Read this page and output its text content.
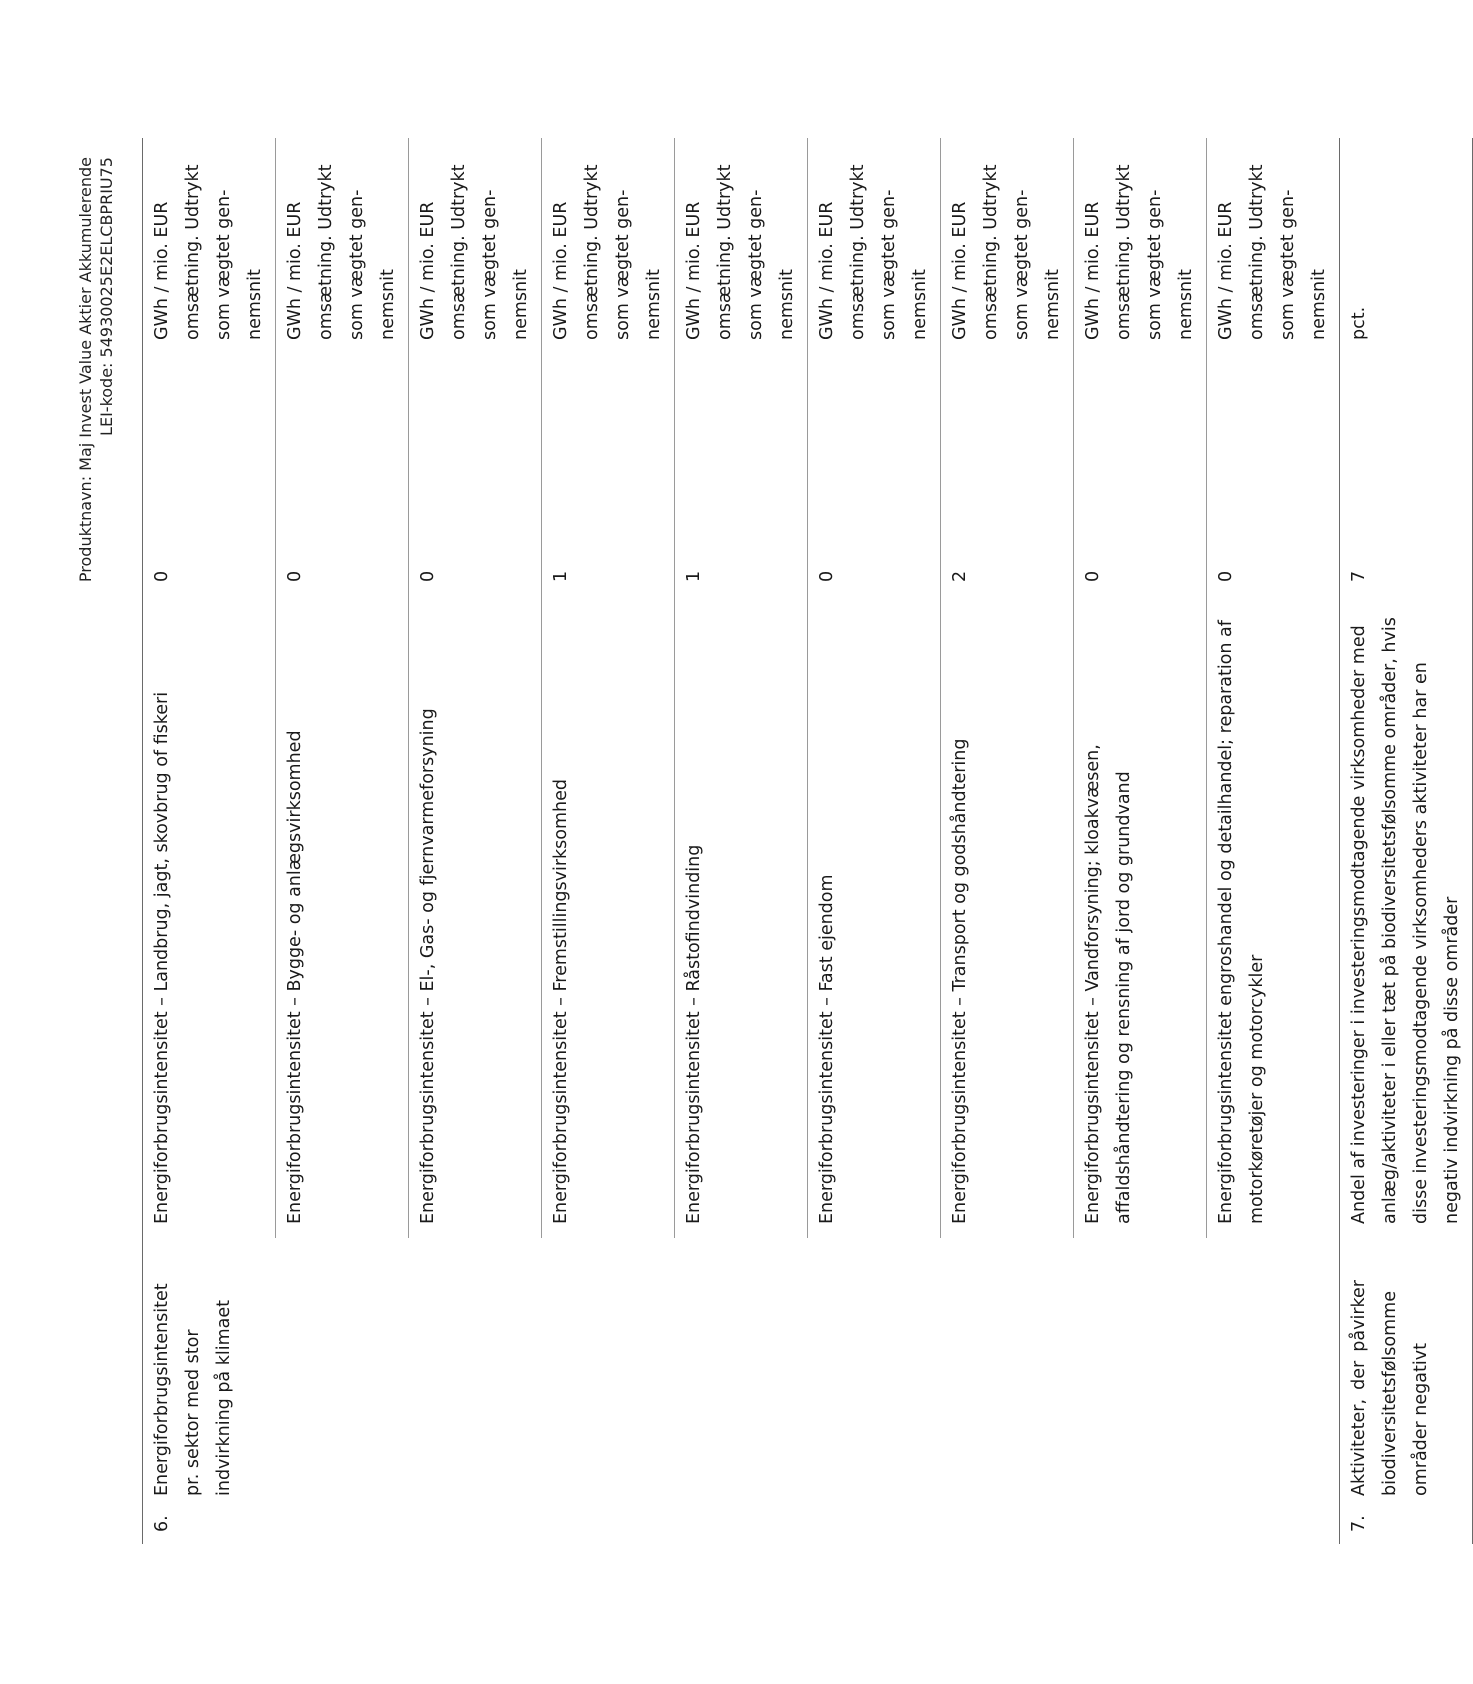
Produktnavn: Maj Invest Value Aktier Akkumulerende LEI-kode: 54930025E2ELCBPRIU75
6.Energiforbrugsintensitet pr. sektor med stor indvirkning på klimaet	Energiforbrugsintensitet – Landbrug, jagt, skovbrug of fiskeri	0	GWh / mio. EUR omsætning. Udtrykt som vægtet gen-nemsnit
	Energiforbrugsintensitet – Bygge- og anlægsvirksomhed	0	GWh / mio. EUR omsætning. Udtrykt som vægtet gen-nemsnit
	Energiforbrugsintensitet – El-, Gas- og fjernvarmeforsyning	0	GWh / mio. EUR omsætning. Udtrykt som vægtet gen-nemsnit
	Energiforbrugsintensitet – Fremstillingsvirksomhed	1	GWh / mio. EUR omsætning. Udtrykt som vægtet gen-nemsnit
	Energiforbrugsintensitet – Råstofindvinding	1	GWh / mio. EUR omsætning. Udtrykt som vægtet gen-nemsnit
	Energiforbrugsintensitet – Fast ejendom	0	GWh / mio. EUR omsætning. Udtrykt som vægtet gen-nemsnit
	Energiforbrugsintensitet – Transport og godshåndtering	2	GWh / mio. EUR omsætning. Udtrykt som vægtet gen-nemsnit
	Energiforbrugsintensitet – Vandforsyning; kloakvæsen, affaldshåndtering og rensning af jord og grundvand	0	GWh / mio. EUR omsætning. Udtrykt som vægtet gen-nemsnit
	Energiforbrugsintensitet engroshandel og detailhandel; reparation af motorkøretøjer og motorcykler	0	GWh / mio. EUR omsætning. Udtrykt som vægtet gen-nemsnit
7.Aktiviteter, der påvirker biodiversitetsfølsomme områder negativt	Andel af investeringer i investeringsmodtagende virksomheder med anlæg/aktiviteter i eller tæt på biodiversitetsfølsomme områder, hvis disse investeringsmodtagende virksomheders aktiviteter har en negativ indvirkning på disse områder	7	pct.
